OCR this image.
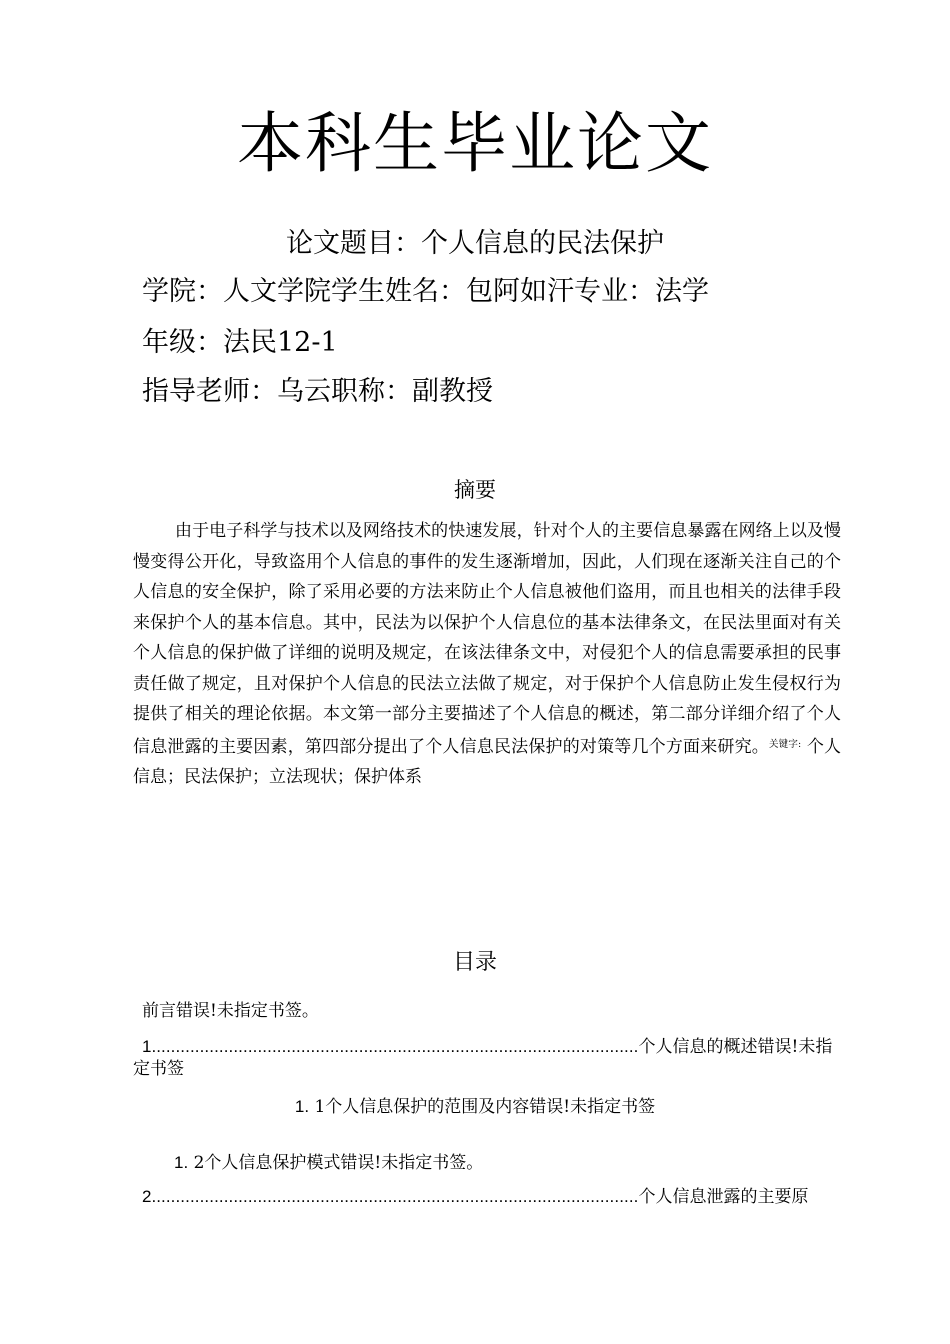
本科生毕业论文
论文题目：个人信息的民法保护
学院：人文学院学生姓名：包阿如汗专业：法学
年级：法民12-1
指导老师：乌云职称：副教授
摘要
由于电子科学与技术以及网络技术的快速发展，针对个人的主要信息暴露在网络上以及慢慢变得公开化，导致盗用个人信息的事件的发生逐渐增加，因此，人们现在逐渐关注自己的个人信息的安全保护，除了采用必要的方法来防止个人信息被他们盗用，而且也相关的法律手段来保护个人的基本信息。其中，民法为以保护个人信息位的基本法律条文，在民法里面对有关个人信息的保护做了详细的说明及规定，在该法律条文中，对侵犯个人的信息需要承担的民事责任做了规定，且对保护个人信息的民法立法做了规定，对于保护个人信息防止发生侵权行为提供了相关的理论依据。本文第一部分主要描述了个人信息的概述，第二部分详细介绍了个人信息泄露的主要因素，第四部分提出了个人信息民法保护的对策等几个方面来研究。$^{关键字:}$ 个人信息；民法保护；立法现状；保护体系
目录
前言错误!未指定书签。
1.....................................................................................................个人信息的概述错误!未指定书签
1. 1个人信息保护的范围及内容错误!未指定书签
1. 2个人信息保护模式错误!未指定书签。
2.....................................................................................................个人信息泄露的主要原
